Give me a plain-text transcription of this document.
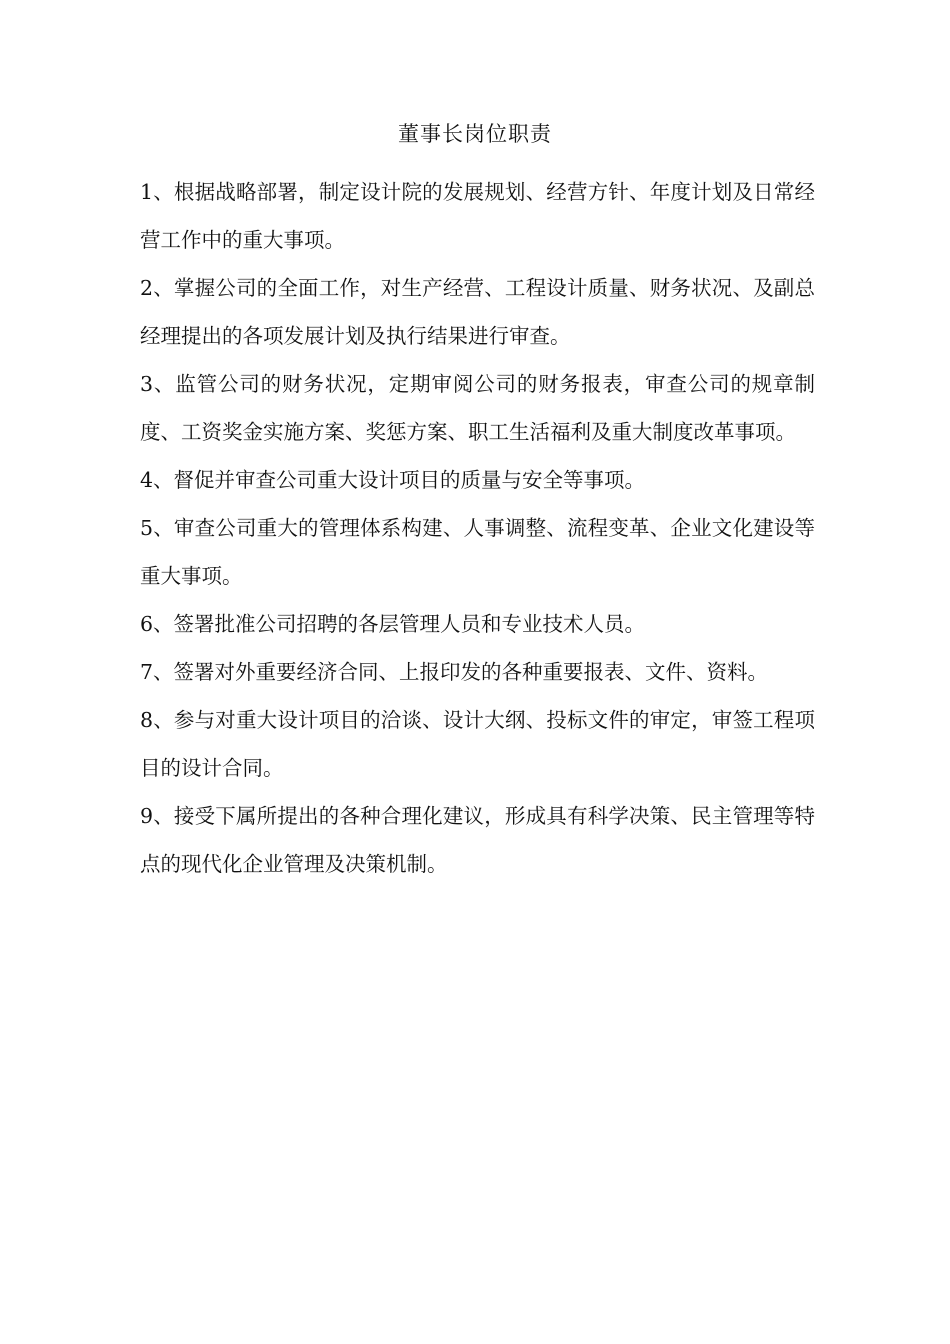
董事长岗位职责
1、根据战略部署，制定设计院的发展规划、经营方针、年度计划及日常经营工作中的重大事项。
2、掌握公司的全面工作，对生产经营、工程设计质量、财务状况、及副总经理提出的各项发展计划及执行结果进行审查。
3、监管公司的财务状况，定期审阅公司的财务报表，审查公司的规章制度、工资奖金实施方案、奖惩方案、职工生活福利及重大制度改革事项。
4、督促并审查公司重大设计项目的质量与安全等事项。
5、审查公司重大的管理体系构建、人事调整、流程变革、企业文化建设等重大事项。
6、签署批准公司招聘的各层管理人员和专业技术人员。
7、签署对外重要经济合同、上报印发的各种重要报表、文件、资料。
8、参与对重大设计项目的洽谈、设计大纲、投标文件的审定，审签工程项目的设计合同。
9、接受下属所提出的各种合理化建议，形成具有科学决策、民主管理等特点的现代化企业管理及决策机制。
